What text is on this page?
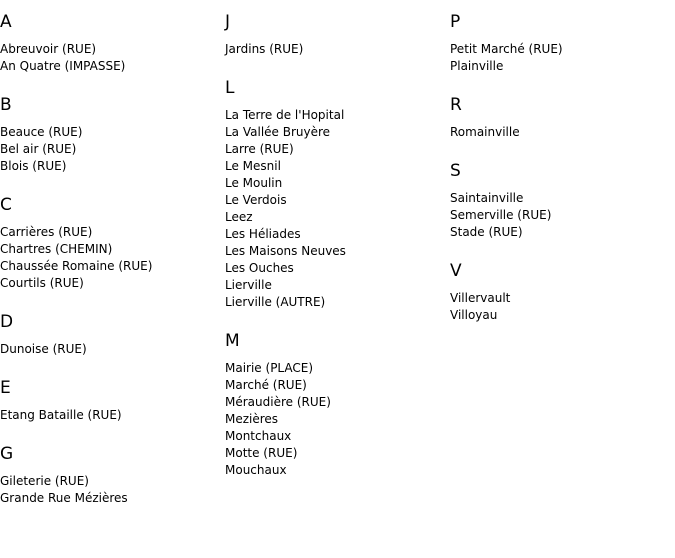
A
Abreuvoir (RUE)
An Quatre (IMPASSE)
B
Beauce (RUE)
Bel air (RUE)
Blois (RUE)
C
Carrières (RUE)
Chartres (CHEMIN)
Chaussée Romaine (RUE)
Courtils (RUE)
D
Dunoise (RUE)
E
Etang Bataille (RUE)
G
Gileterie (RUE)
Grande Rue Mézières
J
Jardins (RUE)
L
La Terre de l'Hopital
La Vallée Bruyère
Larre (RUE)
Le Mesnil
Le Moulin
Le Verdois
Leez
Les Héliades
Les Maisons Neuves
Les Ouches
Lierville
Lierville (AUTRE)
M
Mairie (PLACE)
Marché (RUE)
Méraudière (RUE)
Mezières
Montchaux
Motte (RUE)
Mouchaux
P
Petit Marché (RUE)
Plainville
R
Romainville
S
Saintainville
Semerville (RUE)
Stade (RUE)
V
Villervault
Villoyau
